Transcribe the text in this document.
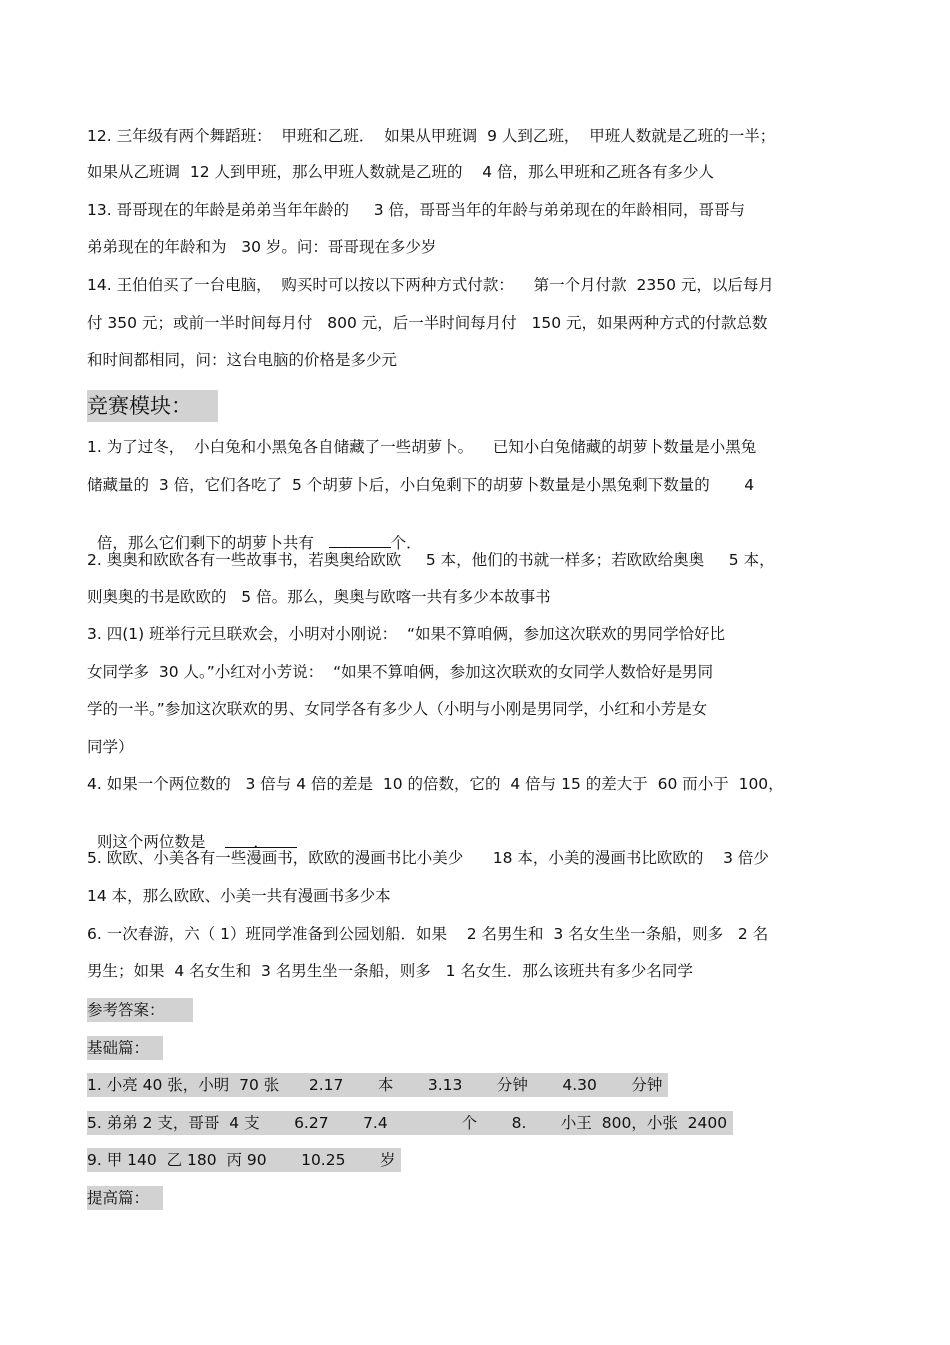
12. 三年级有两个舞蹈班：  甲班和乙班．  如果从甲班调  9 人到乙班，  甲班人数就是乙班的一半；
如果从乙班调  12 人到甲班，那么甲班人数就是乙班的    4 倍，那么甲班和乙班各有多少人
13. 哥哥现在的年龄是弟弟当年年龄的     3 倍，哥哥当年的年龄与弟弟现在的年龄相同，哥哥与
弟弟现在的年龄和为   30 岁。问：哥哥现在多少岁
14. 王伯伯买了一台电脑，  购买时可以按以下两种方式付款：    第一个月付款  2350 元，以后每月
付 350 元；或前一半时间每月付   800 元，后一半时间每月付   150 元，如果两种方式的付款总数
和时间都相同，问：这台电脑的价格是多少元
竞赛模块：
1. 为了过冬，  小白兔和小黑兔各自储藏了一些胡萝卜。    已知小白兔储藏的胡萝卜数量是小黑兔
储藏量的  3 倍，它们各吃了  5 个胡萝卜后，小白兔剩下的胡萝卜数量是小黑兔剩下数量的       4

倍，那么它们剩下的胡萝卜共有	个．

2. 奥奥和欧欧各有一些故事书，若奥奥给欧欧     5 本，他们的书就一样多；若欧欧给奥奥     5 本，
则奥奥的书是欧欧的   5 倍。那么，奥奥与欧喀一共有多少本故事书
3. 四(1) 班举行元旦联欢会，小明对小刚说：  “如果不算咱俩，参加这次联欢的男同学恰好比
女同学多  30 人。”小红对小芳说：  “如果不算咱俩，参加这次联欢的女同学人数恰好是男同
学的一半。”参加这次联欢的男、女同学各有多少人（小明与小刚是男同学，小红和小芳是女
同学）
4. 如果一个两位数的   3 倍与 4 倍的差是  10 的倍数，它的  4 倍与 15 的差大于  60 而小于  100，

则这个两位数是    ．

5. 欧欧、小美各有一些漫画书，欧欧的漫画书比小美少      18 本，小美的漫画书比欧欧的    3 倍少
14 本，那么欧欧、小美一共有漫画书多少本
6. 一次春游，六（ 1）班同学准备到公园划船．如果    2 名男生和  3 名女生坐一条船，则多   2 名
男生；如果  4 名女生和  3 名男生坐一条船，则多   1 名女生．那么该班共有多少名同学
参考答案：
基础篇：
1. 小亮 40 张，小明  70 张      2.17       本       3.13       分钟       4.30       分钟
5. 弟弟 2 支，哥哥  4 支       6.27       7.4               个       8.       小王  800，小张  2400
9. 甲 140  乙 180  丙 90       10.25       岁
提高篇：
